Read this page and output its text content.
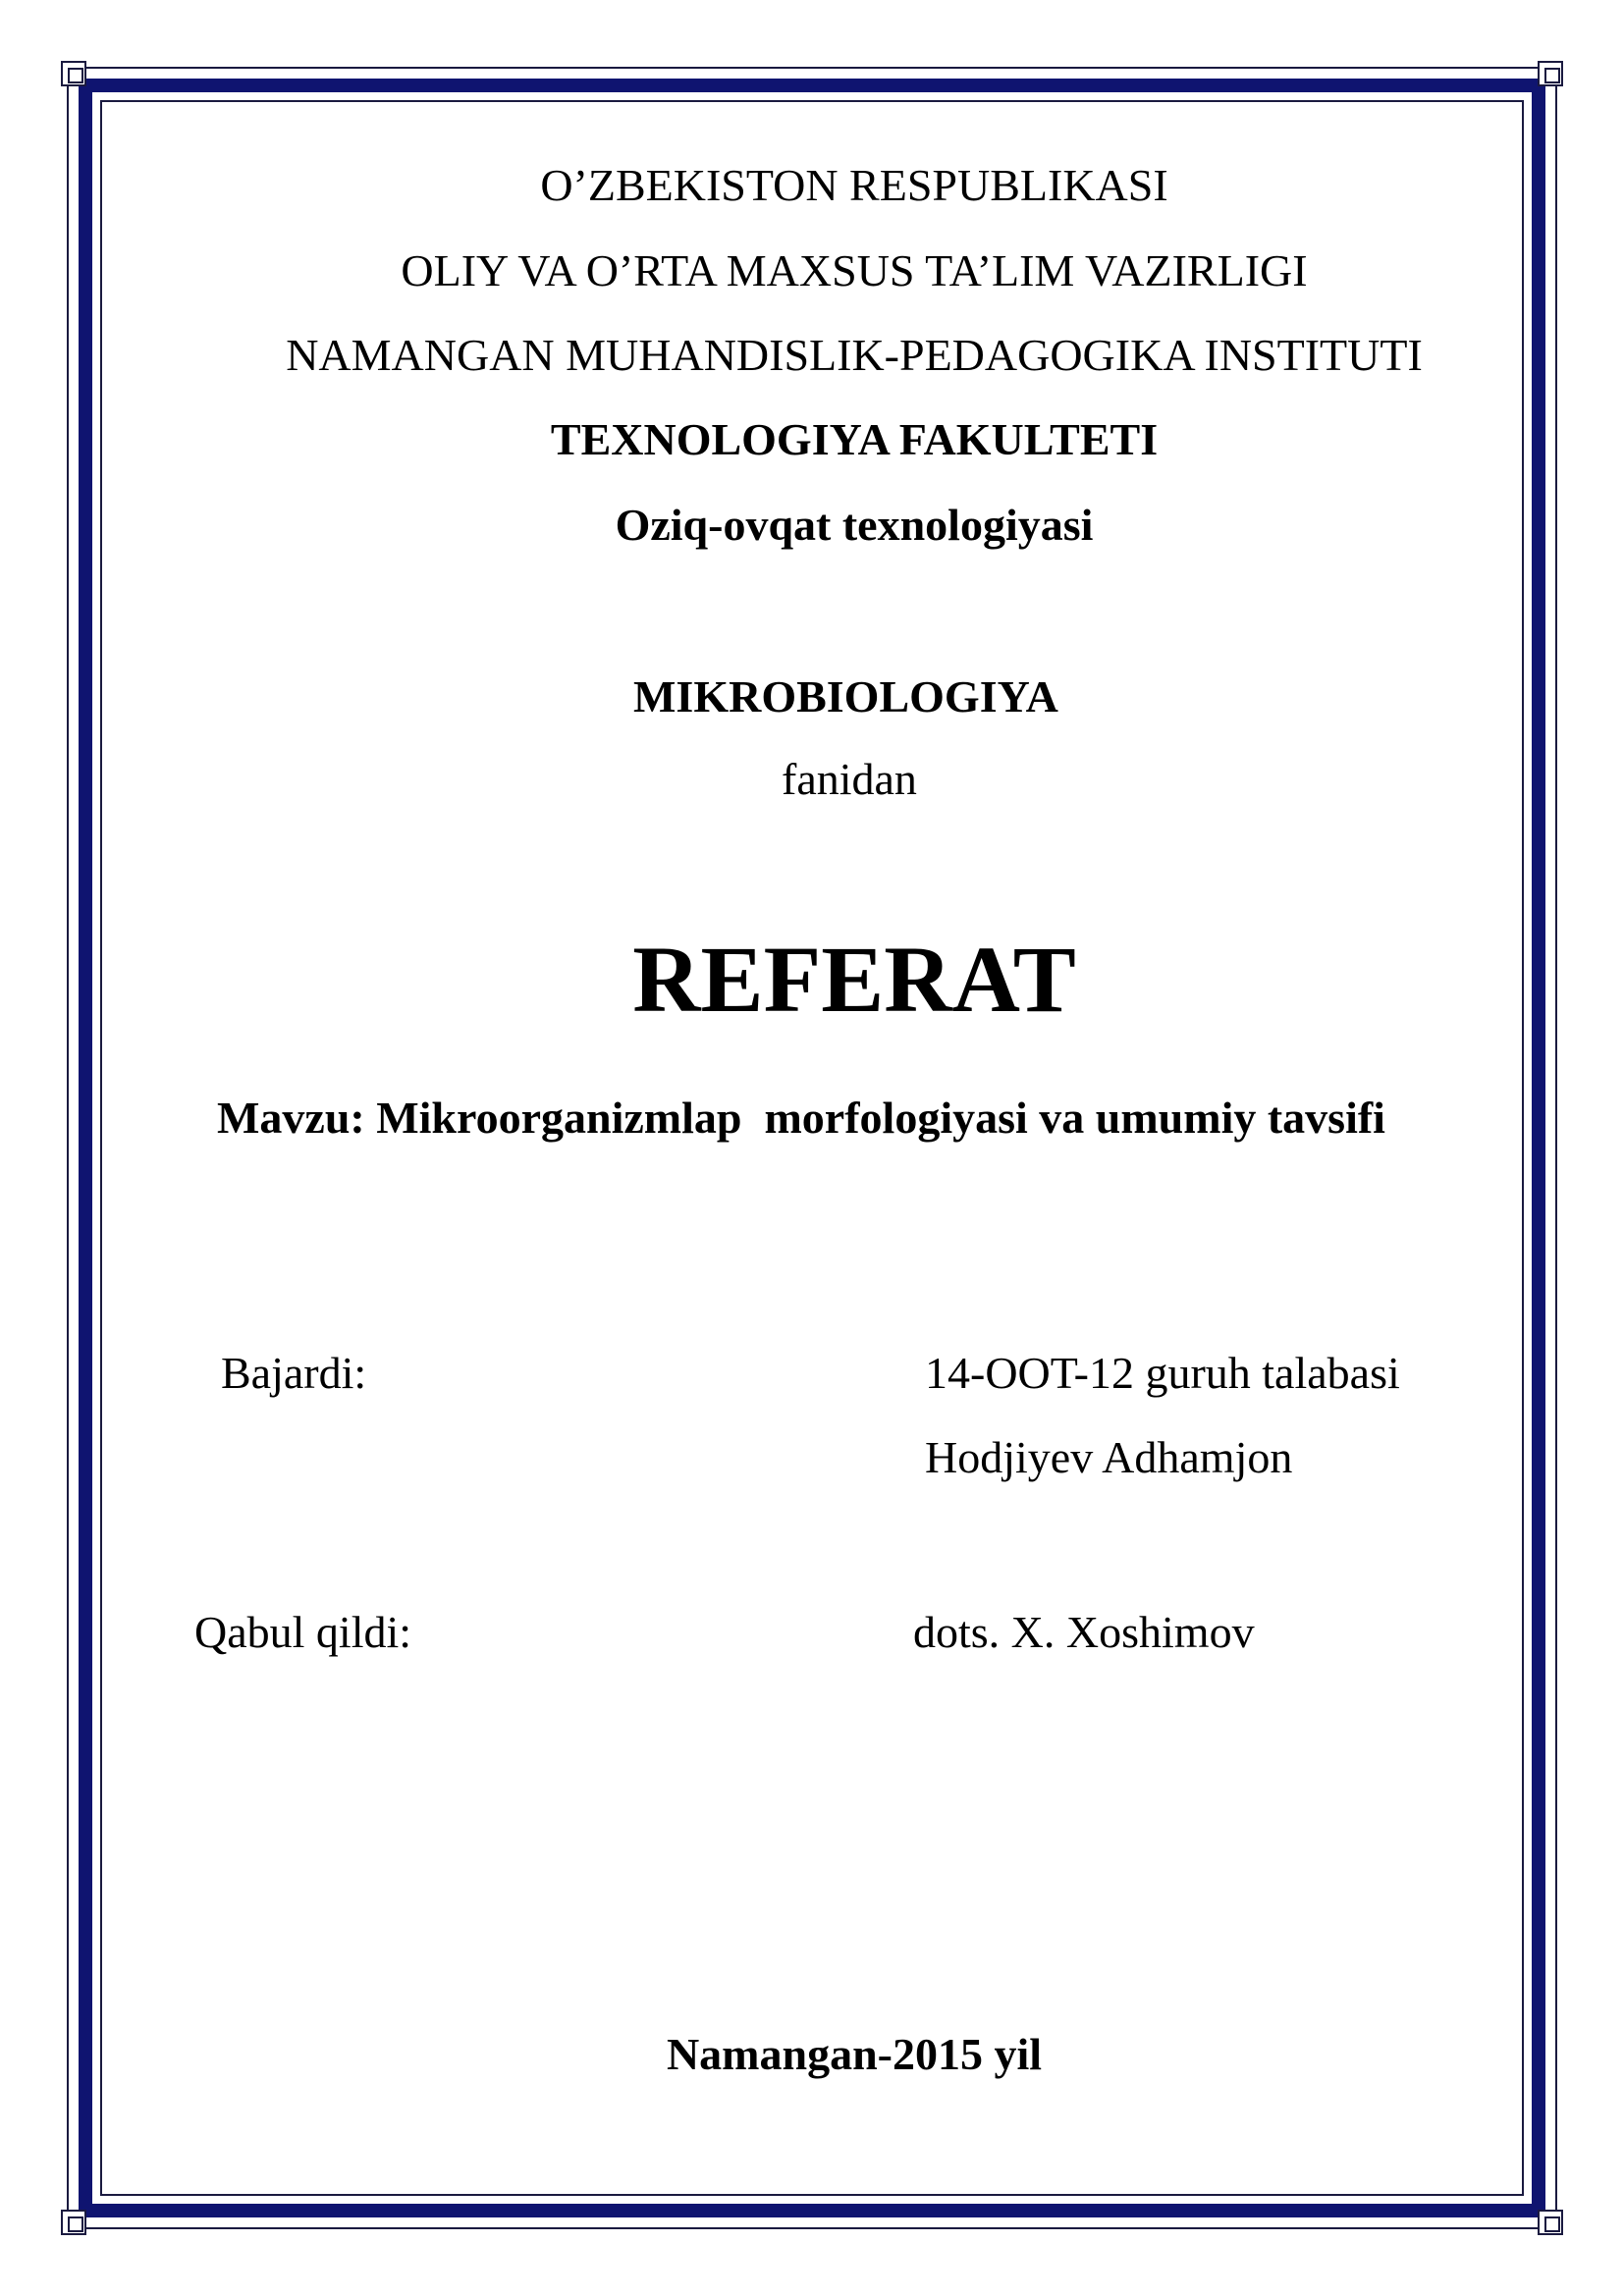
O’ZBEKISTON RESPUBLIKASI
OLIY VA O’RTA MAXSUS TA’LIM VAZIRLIGI
NAMANGAN MUHANDISLIK-PEDAGOGIKA INSTITUTI
TEXNOLOGIYA FAKULTETI
Oziq-ovqat texnologiyasi
MIKROBIOLOGIYA
fanidan
REFERAT
Mavzu: Mikroorganizmlap  morfologiyasi va umumiy tavsifi
Bajardi:	14-OOT-12 guruh talabasi
Hodjiyev Adhamjon
Qabul qildi:	dots. X. Xoshimov
Namangan-2015 yil
